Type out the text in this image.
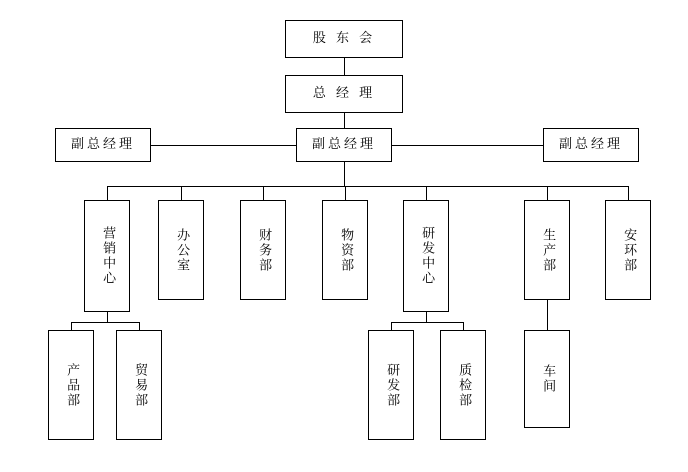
股 东 会
总 经 理
副总经理	副总经理	副总经理
营销中心	办公室	财务部	物资部	研发中心	生产部	安环部
产品部	贸易部	研发部	质检部	车间
